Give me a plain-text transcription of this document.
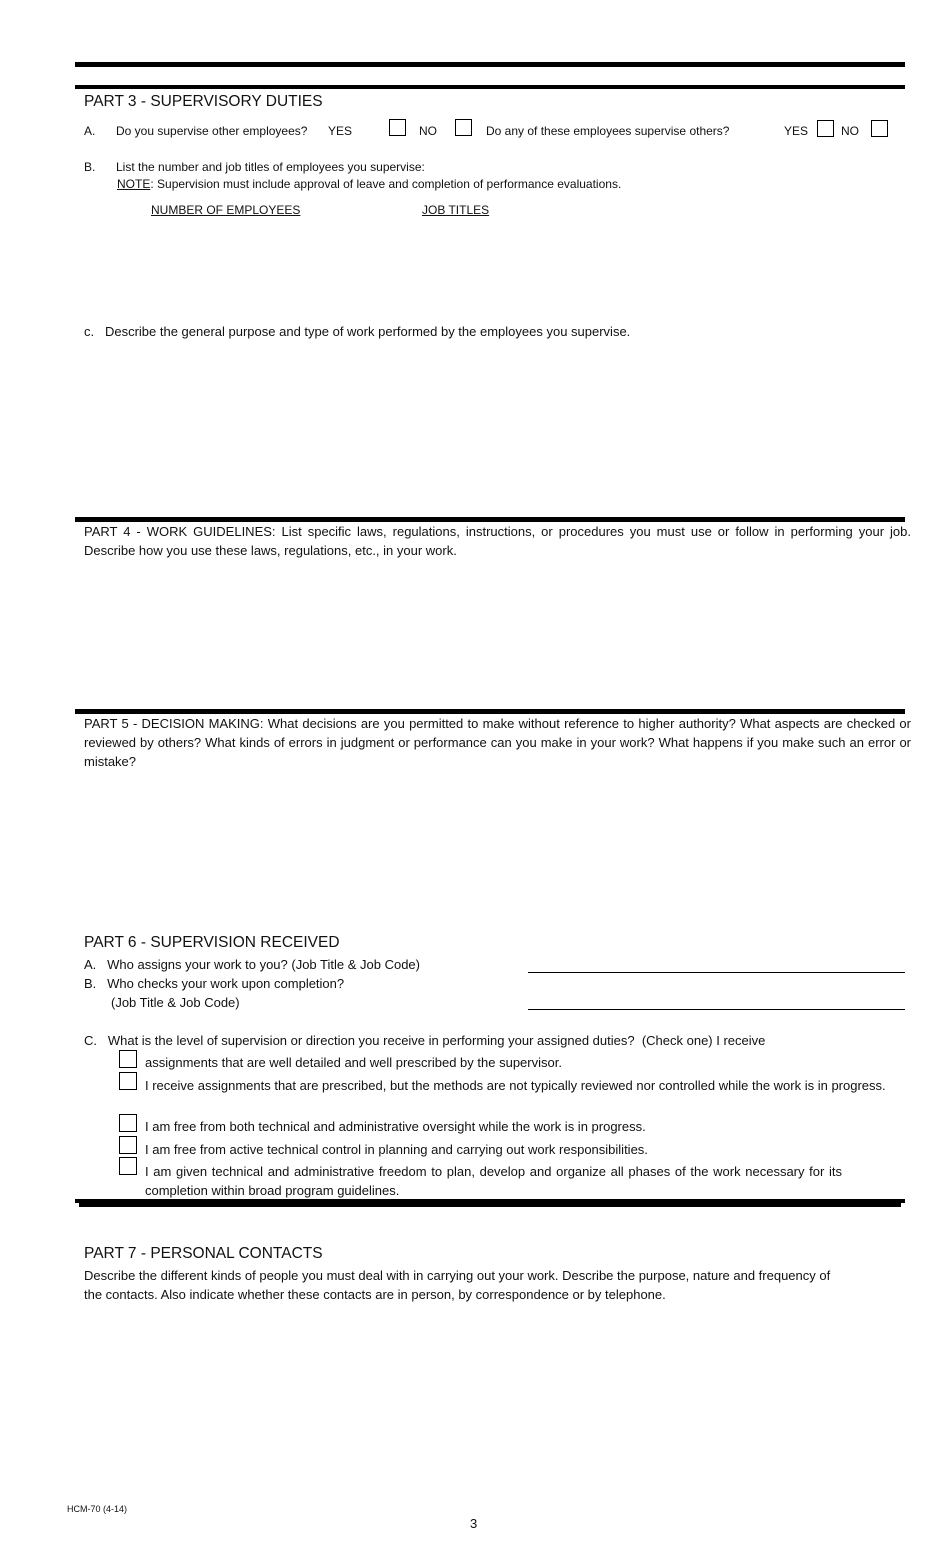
PART 3 - SUPERVISORY DUTIES
A. Do you supervise other employees? YES	NO	Do any of these employees supervise others?	YES	NO
B. List the number and job titles of employees you supervise:
NOTE: Supervision must include approval of leave and completion of performance evaluations.
NUMBER OF EMPLOYEES	JOB TITLES
c.   Describe the general purpose and type of work performed by the employees you supervise.
PART 4 - WORK GUIDELINES: List specific laws, regulations, instructions, or procedures you must use or follow in performing your job. Describe how you use these laws, regulations, etc., in your work.
PART 5 - DECISION MAKING: What decisions are you permitted to make without reference to higher authority? What aspects are checked or reviewed by others? What kinds of errors in judgment or performance can you make in your work? What happens if you make such an error or mistake?
PART 6 - SUPERVISION RECEIVED
A.   Who assigns your work to you? (Job Title & Job Code)
B.   Who checks your work upon completion?
(Job Title & Job Code)
C.   What is the level of supervision or direction you receive in performing your assigned duties?  (Check one) I receive
assignments that are well detailed and well prescribed by the supervisor.
I receive assignments that are prescribed, but the methods are not typically reviewed nor controlled while the work is in progress.
I am free from both technical and administrative oversight while the work is in progress.
I am free from active technical control in planning and carrying out work responsibilities.
I am given technical and administrative freedom to plan, develop and organize all phases of the work necessary for its completion within broad program guidelines.
PART 7 - PERSONAL CONTACTS
Describe the different kinds of people you must deal with in carrying out your work. Describe the purpose, nature and frequency of the contacts. Also indicate whether these contacts are in person, by correspondence or by telephone.
HCM-70 (4-14)
3
